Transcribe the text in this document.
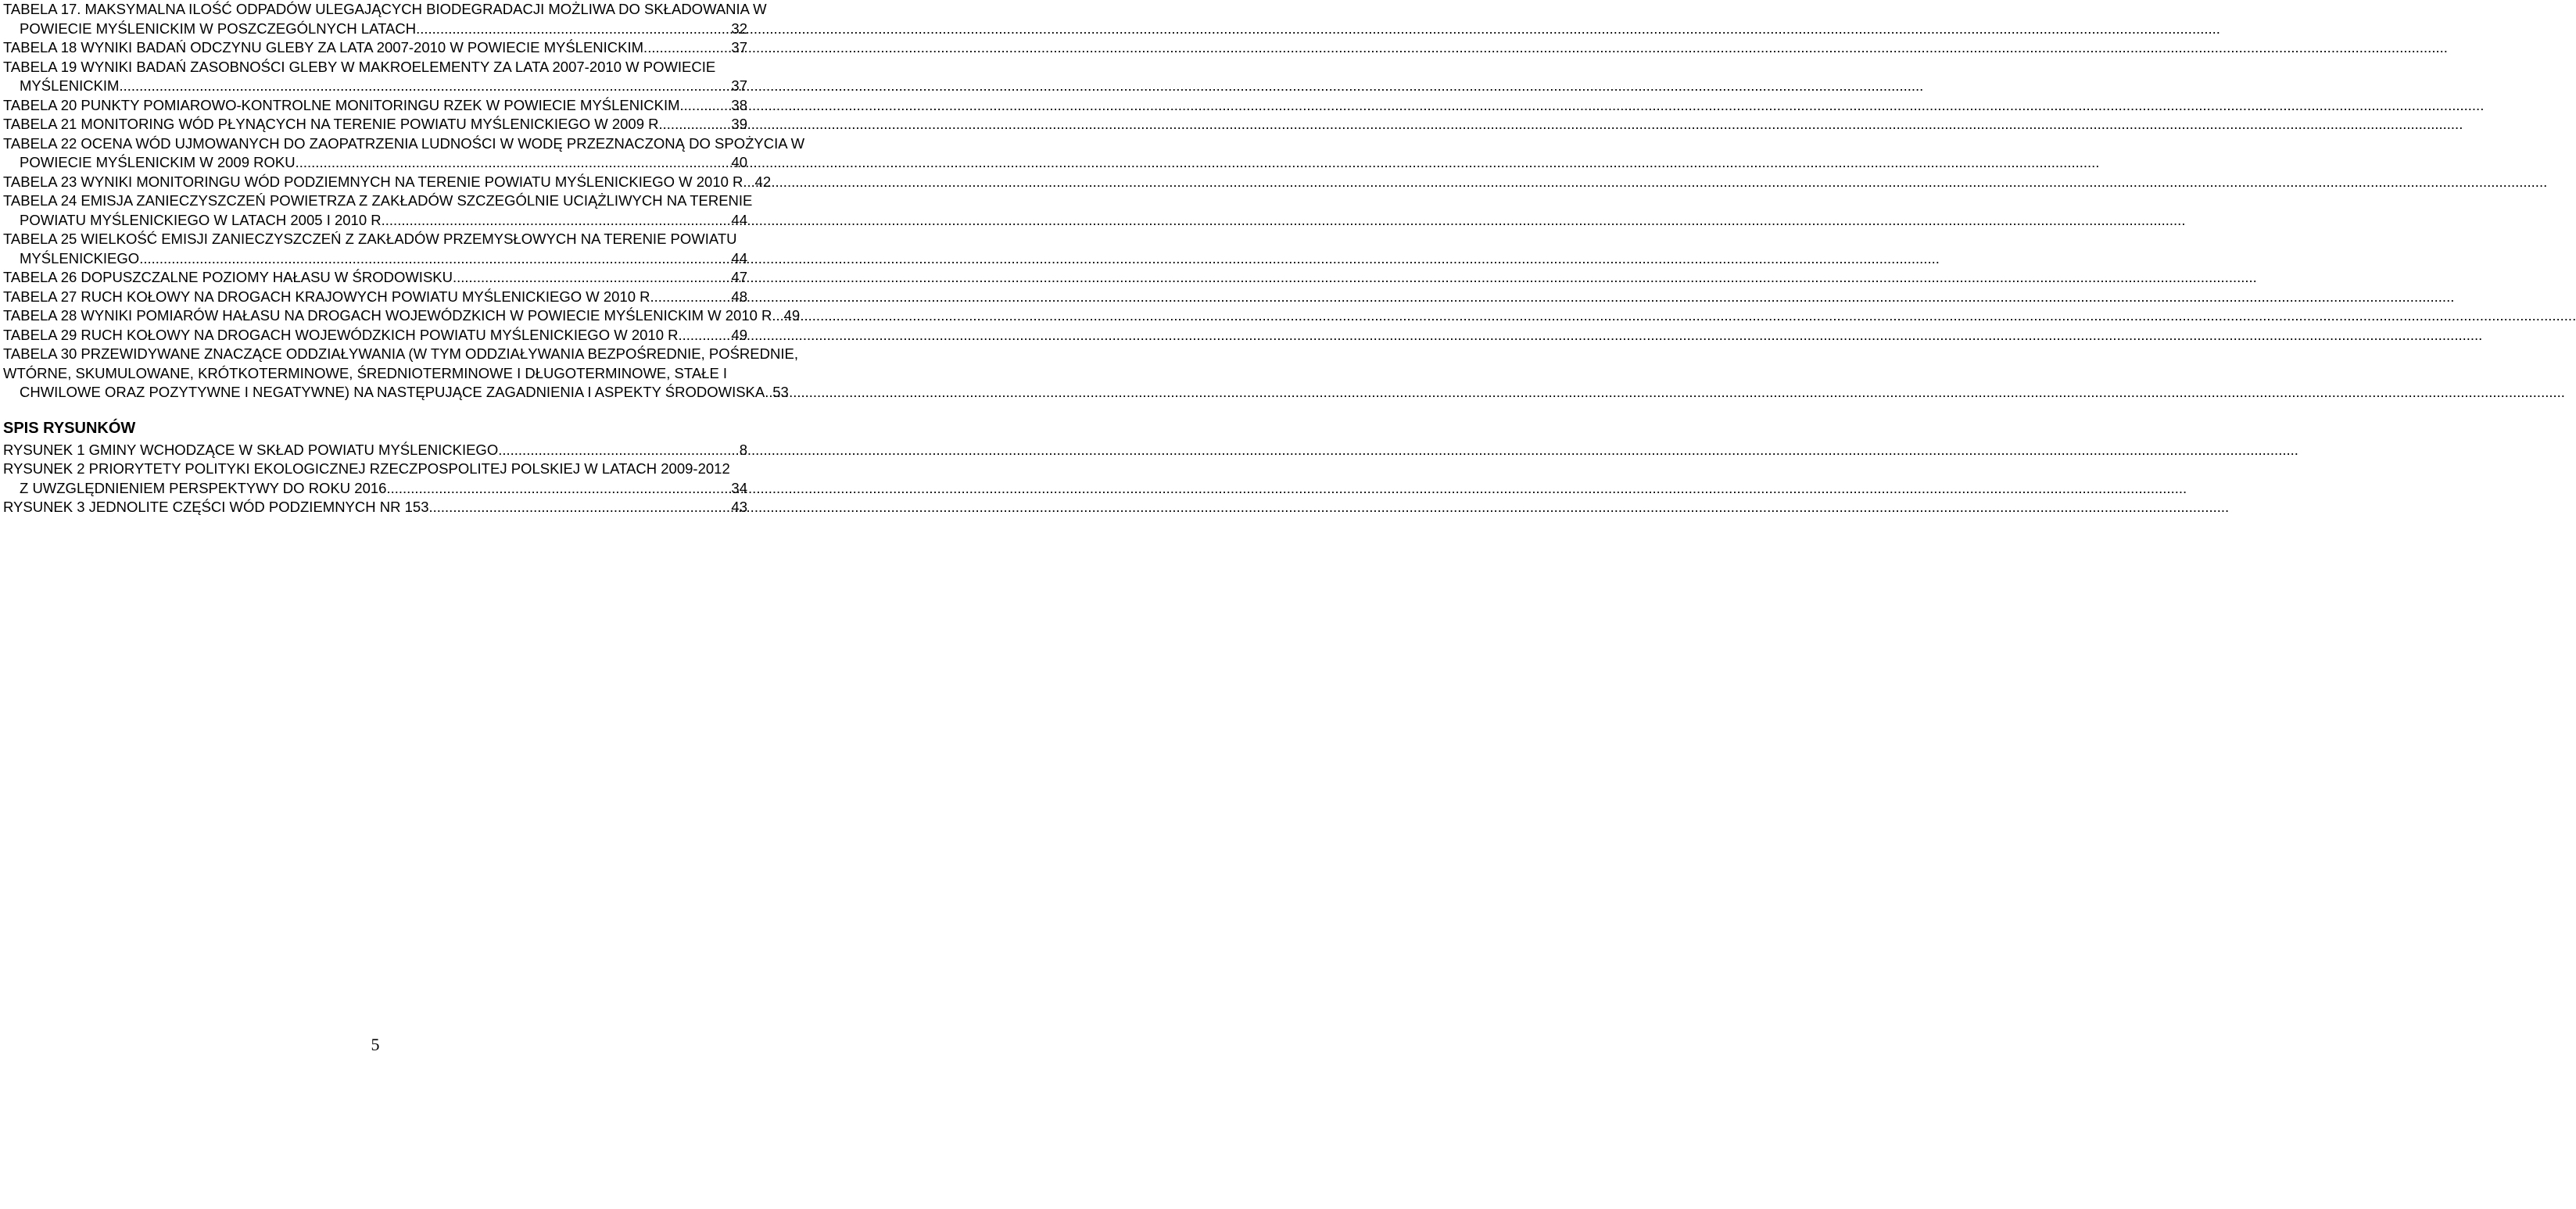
TABELA 17. MAKSYMALNA ILOŚĆ ODPADÓW ULEGAJĄCYCH BIODEGRADACJI MOŻLIWA DO SKŁADOWANIA W
POWIECIE MYŚLENICKIM W POSZCZEGÓLNYCH LATACH. .....	32
TABELA 18 WYNIKI BADAŃ ODCZYNU GLEBY ZA LATA 2007-2010 W POWIECIE MYŚLENICKIM. .....	37
TABELA 19 WYNIKI BADAŃ ZASOBNOŚCI GLEBY W MAKROELEMENTY ZA LATA 2007-2010 W POWIECIE
MYŚLENICKIM. .....	37
TABELA 20 PUNKTY POMIAROWO-KONTROLNE MONITORINGU RZEK W POWIECIE MYŚLENICKIM. .....	38
TABELA 21 MONITORING WÓD PŁYNĄCYCH NA TERENIE POWIATU MYŚLENICKIEGO W 2009 R. .....	39
TABELA 22 OCENA WÓD UJMOWANYCH DO ZAOPATRZENIA LUDNOŚCI W WODĘ PRZEZNACZONĄ DO SPOŻYCIA W
POWIECIE MYŚLENICKIM W 2009 ROKU. .....	40
TABELA 23 WYNIKI MONITORINGU WÓD PODZIEMNYCH NA TERENIE POWIATU MYŚLENICKIEGO W 2010 R. ..... 42
TABELA 24 EMISJA ZANIECZYSZCZEŃ POWIETRZA Z ZAKŁADÓW SZCZEGÓLNIE UCIĄŻLIWYCH NA TERENIE
POWIATU MYŚLENICKIEGO W LATACH 2005 I 2010 R. .....	44
TABELA 25 WIELKOŚĆ EMISJI ZANIECZYSZCZEŃ Z ZAKŁADÓW PRZEMYSŁOWYCH NA TERENIE POWIATU
MYŚLENICKIEGO .....	44
TABELA 26 DOPUSZCZALNE POZIOMY HAŁASU W ŚRODOWISKU. .....	47
TABELA 27 RUCH KOŁOWY NA DROGACH KRAJOWYCH POWIATU MYŚLENICKIEGO W 2010 R. .....	48
TABELA 28 WYNIKI POMIARÓW HAŁASU NA DROGACH WOJEWÓDZKICH W POWIECIE MYŚLENICKIM W 2010 R. ..... 49
TABELA 29 RUCH KOŁOWY NA DROGACH WOJEWÓDZKICH POWIATU MYŚLENICKIEGO W 2010 R. .....	49
TABELA 30 PRZEWIDYWANE ZNACZĄCE ODDZIAŁYWANIA (W TYM ODDZIAŁYWANIA BEZPOŚREDNIE, POŚREDNIE,
WTÓRNE, SKUMULOWANE, KRÓTKOTERMINOWE, ŚREDNIOTERMINOWE I DŁUGOTERMINOWE, STAŁE I
CHWILOWE ORAZ POZYTYWNE I NEGATYWNE) NA NASTĘPUJĄCE ZAGADNIENIA I ASPEKTY ŚRODOWISKA ..... 53
SPIS RYSUNKÓW
RYSUNEK 1 GMINY WCHODZĄCE W SKŁAD POWIATU MYŚLENICKIEGO .....	8
RYSUNEK 2 PRIORYTETY POLITYKI EKOLOGICZNEJ RZECZPOSPOLITEJ POLSKIEJ W LATACH 2009-2012
Z UWZGLĘDNIENIEM PERSPEKTYWY DO ROKU 2016 .....	34
RYSUNEK 3 JEDNOLITE CZĘŚCI WÓD PODZIEMNYCH NR 153 .....	43
5
